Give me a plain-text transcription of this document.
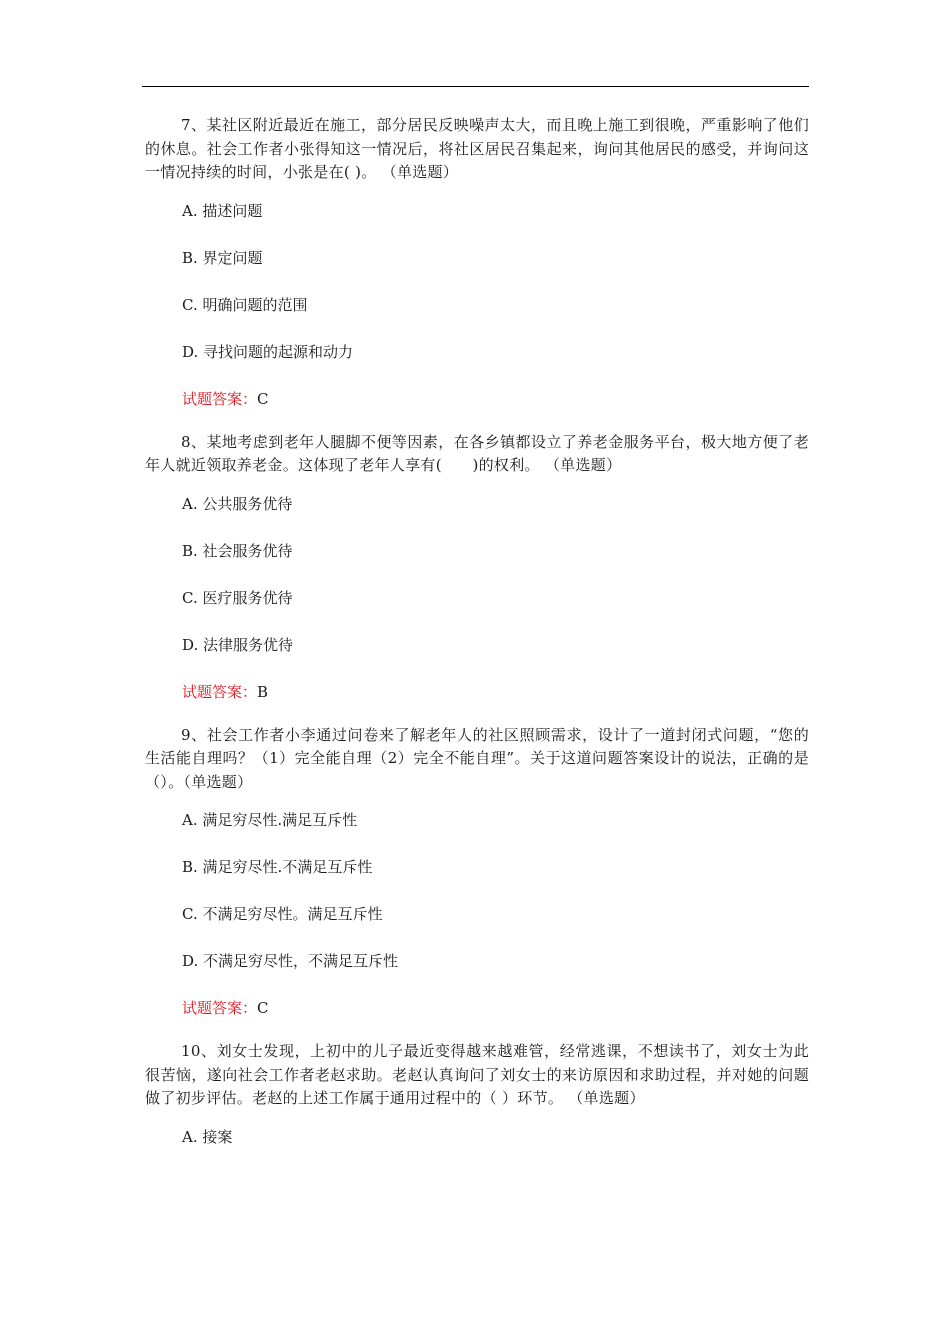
7、某社区附近最近在施工，部分居民反映噪声太大，而且晚上施工到很晚，严重影响了他们的休息。社会工作者小张得知这一情况后，将社区居民召集起来，询问其他居民的感受，并询问这一情况持续的时间，小张是在( )。 （单选题）

A. 描述问题
B. 界定问题
C. 明确问题的范围
D. 寻找问题的起源和动力
试题答案：C

8、某地考虑到老年人腿脚不便等因素，在各乡镇都设立了养老金服务平台，极大地方便了老年人就近领取养老金。这体现了老年人享有(　　)的权利。 （单选题）

A. 公共服务优待
B. 社会服务优待
C. 医疗服务优待
D. 法律服务优待
试题答案：B

9、社会工作者小李通过问卷来了解老年人的社区照顾需求，设计了一道封闭式问题，“您的生活能自理吗？（1）完全能自理（2）完全不能自理”。关于这道问题答案设计的说法，正确的是（）。（单选题）

A. 满足穷尽性.满足互斥性
B. 满足穷尽性.不满足互斥性
C. 不满足穷尽性。满足互斥性
D. 不满足穷尽性，不满足互斥性
试题答案：C

10、刘女士发现，上初中的儿子最近变得越来越难管，经常逃课，不想读书了，刘女士为此很苦恼，遂向社会工作者老赵求助。老赵认真询问了刘女士的来访原因和求助过程，并对她的问题做了初步评估。老赵的上述工作属于通用过程中的（ ）环节。 （单选题）

A. 接案
